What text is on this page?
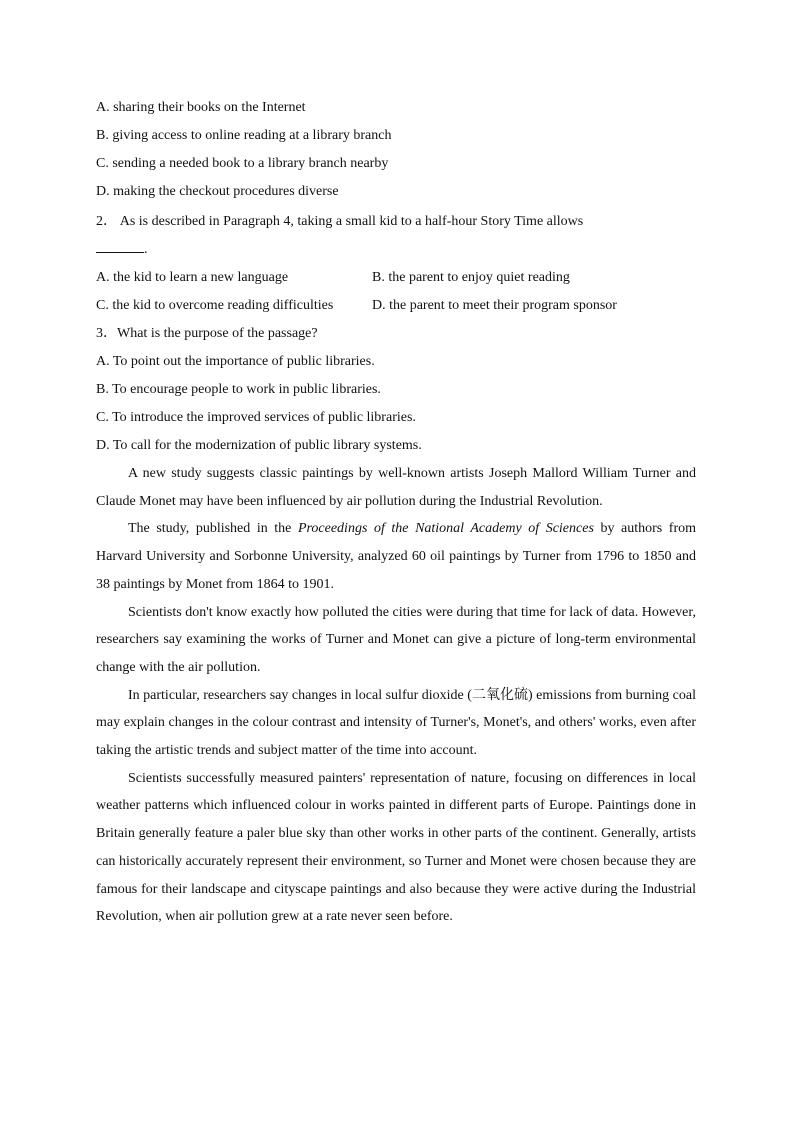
A. sharing their books on the Internet
B. giving access to online reading at a library branch
C. sending a needed book to a library branch nearby
D. making the checkout procedures diverse
2． As is described in Paragraph 4, taking a small kid to a half-hour Story Time allows
.
A. the kid to learn a new language	B. the parent to enjoy quiet reading
C. the kid to overcome reading difficulties	D. the parent to meet their program sponsor
3．What is the purpose of the passage?
A. To point out the importance of public libraries.
B. To encourage people to work in public libraries.
C. To introduce the improved services of public libraries.
D. To call for the modernization of public library systems.
A new study suggests classic paintings by well-known artists Joseph Mallord William Turner and Claude Monet may have been influenced by air pollution during the Industrial Revolution.
The study, published in the Proceedings of the National Academy of Sciences by authors from Harvard University and Sorbonne University, analyzed 60 oil paintings by Turner from 1796 to 1850 and 38 paintings by Monet from 1864 to 1901.
Scientists don't know exactly how polluted the cities were during that time for lack of data. However, researchers say examining the works of Turner and Monet can give a picture of long-term environmental change with the air pollution.
In particular, researchers say changes in local sulfur dioxide (二氧化硫) emissions from burning coal may explain changes in the colour contrast and intensity of Turner's, Monet's, and others' works, even after taking the artistic trends and subject matter of the time into account.
Scientists successfully measured painters' representation of nature, focusing on differences in local weather patterns which influenced colour in works painted in different parts of Europe. Paintings done in Britain generally feature a paler blue sky than other works in other parts of the continent. Generally, artists can historically accurately represent their environment, so Turner and Monet were chosen because they are famous for their landscape and cityscape paintings and also because they were active during the Industrial Revolution, when air pollution grew at a rate never seen before.
